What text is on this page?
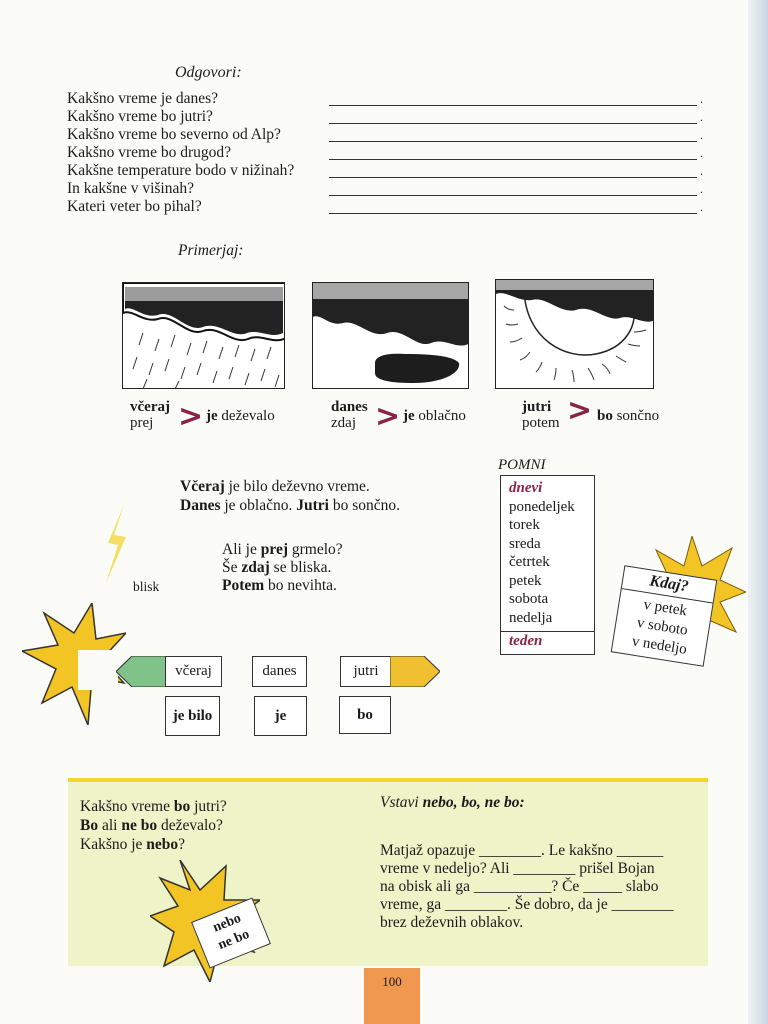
Odgovori:
Kakšno vreme je danes?	.
Kakšno vreme bo jutri?	.
Kakšno vreme bo severno od Alp?	.
Kakšno vreme bo drugod?	.
Kakšne temperature bodo v nižinah?	.
In kakšne v višinah?	.
Kateri veter bo pihal?	.
Primerjaj:
včeraj
prej > je deževalo
danes
zdaj > je oblačno
jutri
potem > bo sončno
Včeraj je bilo deževno vreme.
Danes je oblačno. Jutri bo sončno.
Ali je prej grmelo?
Še zdaj se bliska.
Potem bo nevihta.
blisk
POMNI
dnevi
ponedeljek
torek
sreda
četrtek
petek
sobota
nedelja
teden
Kdaj?
v petek
v soboto
v nedeljo
včeraj	danes	jutri
je bilo	je	bo
Kakšno vreme bo jutri?
Bo ali ne bo deževalo?
Kakšno je nebo?
nebo
ne bo
Vstavi nebo, bo, ne bo:
Matjaž opazuje ________. Le kakšno ______
vreme v nedeljo? Ali ________ prišel Bojan
na obisk ali ga __________? Če _____ slabo
vreme, ga ________. Še dobro, da je ________
brez deževnih oblakov.
100
